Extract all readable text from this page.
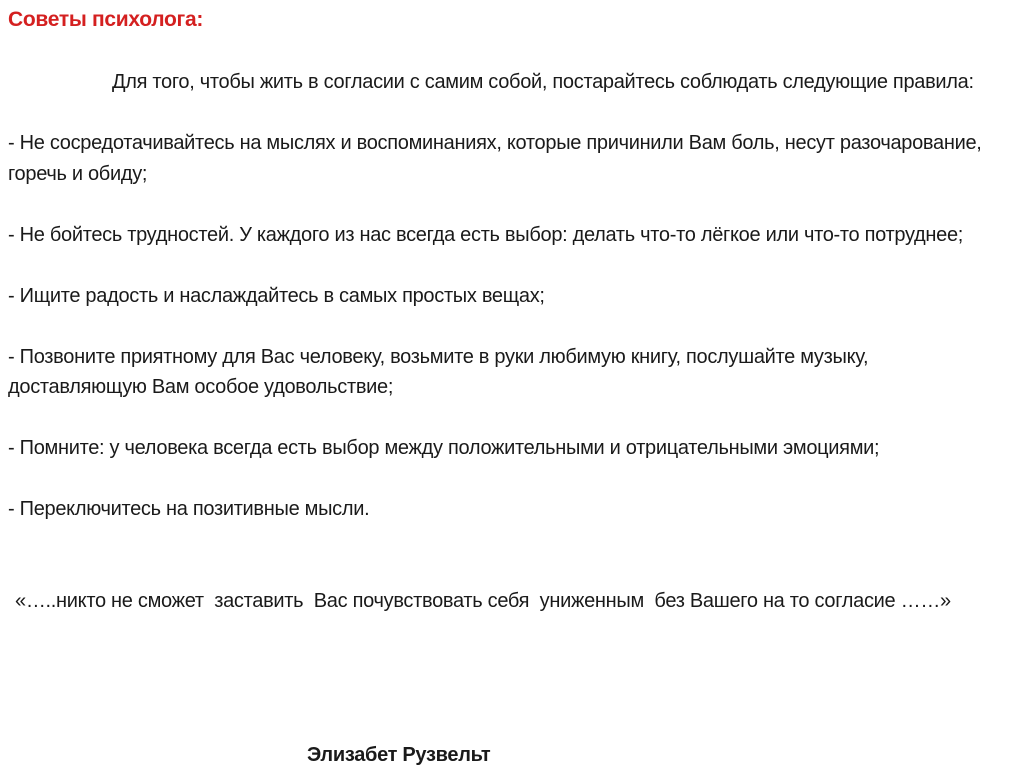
Советы психолога:

Для того, чтобы жить в согласии с самим собой, постарайтесь соблюдать следующие правила:

- Не сосредотачивайтесь на мыслях и воспоминаниях, которые причинили Вам боль, несут разочарование, горечь и обиду;

- Не бойтесь трудностей. У каждого из нас всегда есть выбор: делать что-то лёгкое или что-то потруднее;

- Ищите радость и наслаждайтесь в самых простых вещах;

- Позвоните приятному для Вас человеку, возьмите в руки любимую книгу, послушайте музыку, доставляющую Вам особое удовольствие;

- Помните: у человека всегда есть выбор между положительными и отрицательными эмоциями;

- Переключитесь на позитивные мысли.

«…..никто не сможет  заставить  Вас почувствовать себя  униженным  без Вашего на то согласие ……»

Элизабет Рузвельт
